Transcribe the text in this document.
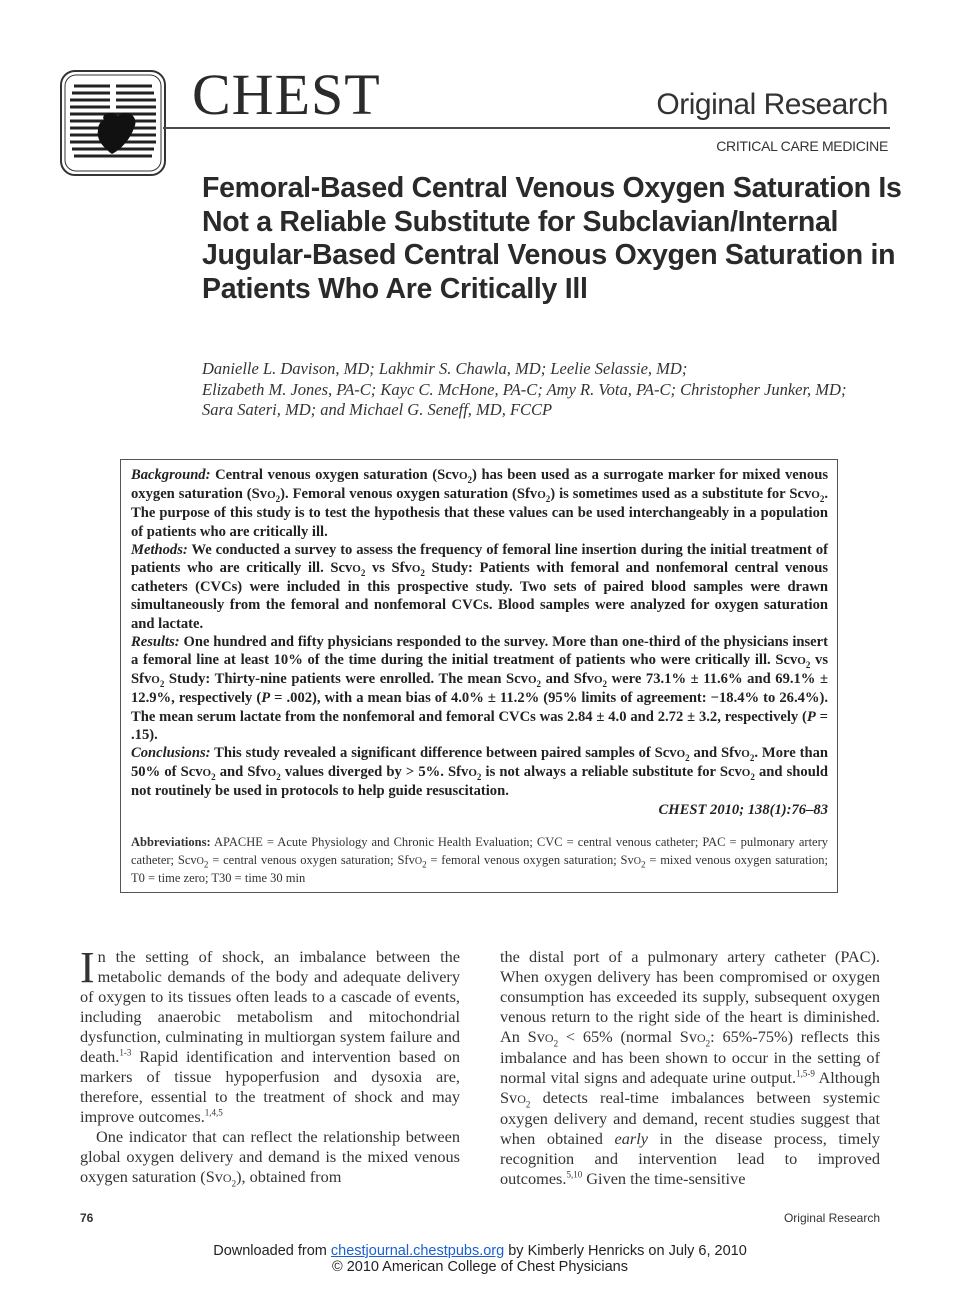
CHEST	Original Research
CRITICAL CARE MEDICINE
Femoral-Based Central Venous Oxygen Saturation Is Not a Reliable Substitute for Subclavian/Internal Jugular-Based Central Venous Oxygen Saturation in Patients Who Are Critically Ill
Danielle L. Davison, MD; Lakhmir S. Chawla, MD; Leelie Selassie, MD;
Elizabeth M. Jones, PA-C; Kayc C. McHone, PA-C; Amy R. Vota, PA-C; Christopher Junker, MD;
Sara Sateri, MD; and Michael G. Seneff, MD, FCCP

Background: Central venous oxygen saturation (ScvO$_2$) has been used as a surrogate marker for mixed venous oxygen saturation (SvO$_2$). Femoral venous oxygen saturation (SfvO$_2$) is sometimes used as a substitute for ScvO$_2$. The purpose of this study is to test the hypothesis that these values can be used interchangeably in a population of patients who are critically ill.

Methods: We conducted a survey to assess the frequency of femoral line insertion during the initial treatment of patients who are critically ill. ScvO$_2$ vs SfvO$_2$ Study: Patients with femoral and nonfemoral central venous catheters (CVCs) were included in this prospective study. Two sets of paired blood samples were drawn simultaneously from the femoral and nonfemoral CVCs. Blood samples were analyzed for oxygen saturation and lactate.

Results: One hundred and fifty physicians responded to the survey. More than one-third of the physicians insert a femoral line at least 10% of the time during the initial treatment of patients who were critically ill. ScvO$_2$ vs SfvO$_2$ Study: Thirty-nine patients were enrolled. The mean ScvO$_2$ and SfvO$_2$ were 73.1% ± 11.6% and 69.1% ± 12.9%, respectively (P = .002), with a mean bias of 4.0% ± 11.2% (95% limits of agreement: −18.4% to 26.4%). The mean serum lactate from the nonfemoral and femoral CVCs was 2.84 ± 4.0 and 2.72 ± 3.2, respectively (P = .15).

Conclusions: This study revealed a significant difference between paired samples of ScvO$_2$ and SfvO$_2$. More than 50% of ScvO$_2$ and SfvO$_2$ values diverged by > 5%. SfvO$_2$ is not always a reliable substitute for ScvO$_2$ and should not routinely be used in protocols to help guide resuscitation.

CHEST 2010; 138(1):76–83

Abbreviations: APACHE = Acute Physiology and Chronic Health Evaluation; CVC = central venous catheter; PAC = pulmonary artery catheter; ScvO$_2$ = central venous oxygen saturation; SfvO$_2$ = femoral venous oxygen saturation; SvO$_2$ = mixed venous oxygen saturation; T0 = time zero; T30 = time 30 min

In the setting of shock, an imbalance between the metabolic demands of the body and adequate delivery of oxygen to its tissues often leads to a cascade of events, including anaerobic metabolism and mitochondrial dysfunction, culminating in multiorgan system failure and death.$^{1-3}$ Rapid identification and intervention based on markers of tissue hypoperfusion and dysoxia are, therefore, essential to the treatment of shock and may improve outcomes.$^{1,4,5}$

One indicator that can reflect the relationship between global oxygen delivery and demand is the mixed venous oxygen saturation (SvO$_2$), obtained from

the distal port of a pulmonary artery catheter (PAC). When oxygen delivery has been compromised or oxygen consumption has exceeded its supply, subsequent oxygen venous return to the right side of the heart is diminished. An SvO$_2$ < 65% (normal SvO$_2$: 65%-75%) reflects this imbalance and has been shown to occur in the setting of normal vital signs and adequate urine output.$^{1,5-9}$ Although SvO$_2$ detects real-time imbalances between systemic oxygen delivery and demand, recent studies suggest that when obtained early in the disease process, timely recognition and intervention lead to improved outcomes.$^{5,10}$ Given the time-sensitive

76	Original Research
Downloaded from chestjournal.chestpubs.org by Kimberly Henricks on July 6, 2010
© 2010 American College of Chest Physicians
